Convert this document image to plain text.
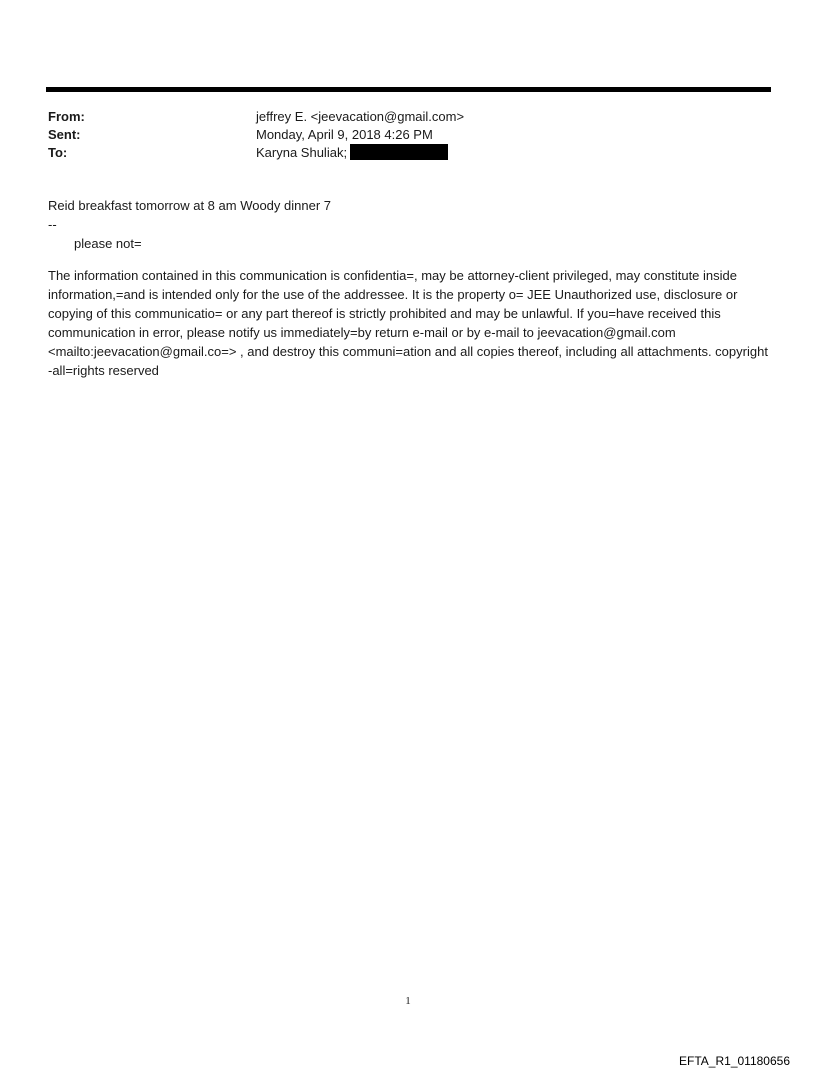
From:	jeffrey E. <jeevacation@gmail.com>
Sent:	Monday, April 9, 2018 4:26 PM
To:	Karyna Shuliak;
Reid breakfast tomorrow at 8 am Woody dinner 7
--
please not=
The information contained in this communication is confidentia=, may be attorney-client privileged, may constitute inside information,=and is intended only for the use of the addressee. It is the property o= JEE Unauthorized use, disclosure or copying of this communicatio= or any part thereof is strictly prohibited and may be unlawful. If you=have received this communication in error, please notify us immediately=by return e-mail or by e-mail to jeevacation@gmail.com <mailto:jeevacation@gmail.co=> , and destroy this communi=ation and all copies thereof, including all attachments. copyright -all=rights reserved
1
EFTA_R1_01180656
